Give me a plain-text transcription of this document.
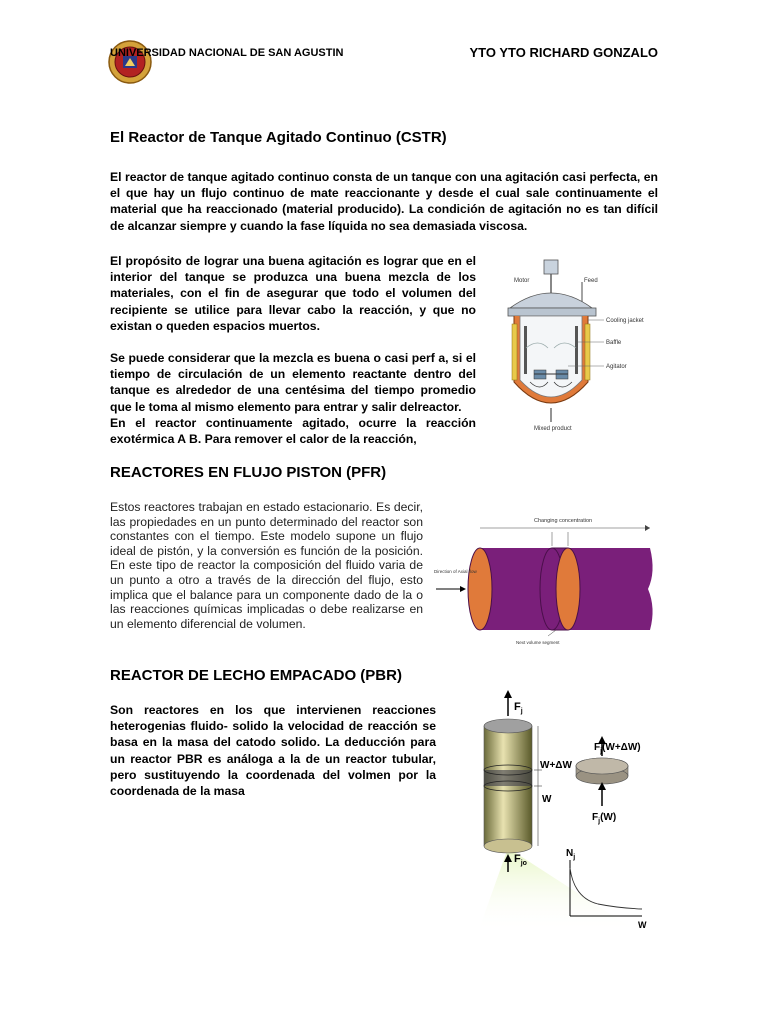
UNIVERSIDAD NACIONAL DE SAN AGUSTIN	YTO YTO RICHARD GONZALO
El Reactor de Tanque Agitado Continuo (CSTR)
El reactor de tanque agitado continuo consta de un tanque con una agitación casi perfecta, en el que hay un flujo continuo de mate reaccionante y desde el cual sale continuamente el material que ha reaccionado (material producido). La condición de agitación no es tan difícil de alcanzar siempre y cuando la fase líquida no sea demasiada viscosa.
El propósito de lograr una buena agitación es lograr que en el interior del tanque se produzca una buena mezcla de los materiales, con el fin de asegurar que todo el volumen del recipiente se utilice para llevar cabo la reacción, y que no existan o queden espacios muertos.
Se puede considerar que la mezcla es buena o casi perf a, si el tiempo de circulación de un elemento reactante dentro del tanque es alrededor de una centésima del tiempo promedio que le toma al mismo elemento para entrar y salir delreactor.
En el reactor continuamente agitado, ocurre la reacción exotérmica A B. Para remover el calor de la reacción,
Motor	Feed
Cooling jacket
Baffle
Agitator
Mixed product
REACTORES EN FLUJO PISTON (PFR)
Estos reactores trabajan en estado estacionario. Es decir, las propiedades en un punto determinado del reactor son constantes con el tiempo. Este modelo supone un flujo ideal de pistón, y la conversión es función de la posición. En este tipo de reactor la composición del fluido varia de un punto a otro a través de la dirección del flujo, esto implica que el balance para un componente dado de la o las reacciones químicas implicadas o debe realizarse en un elemento diferencial de volumen.
Changing concentration
Direction of Axial flow
Next volume segment
REACTOR DE LECHO EMPACADO (PBR)
Son reactores en los que intervienen reacciones heterogenias fluido- solido la velocidad de reacción se basa en la masa del catodo solido. La deducción para un reactor PBR es análoga a la de un reactor tubular, pero sustituyendo la coordenada del volmen por la coordenada de la masa
$F_j$
W+ΔW
W
$F_j(W+\Delta W)$
$F_j(W)$
$F_{jo}$
$N_j$
W
